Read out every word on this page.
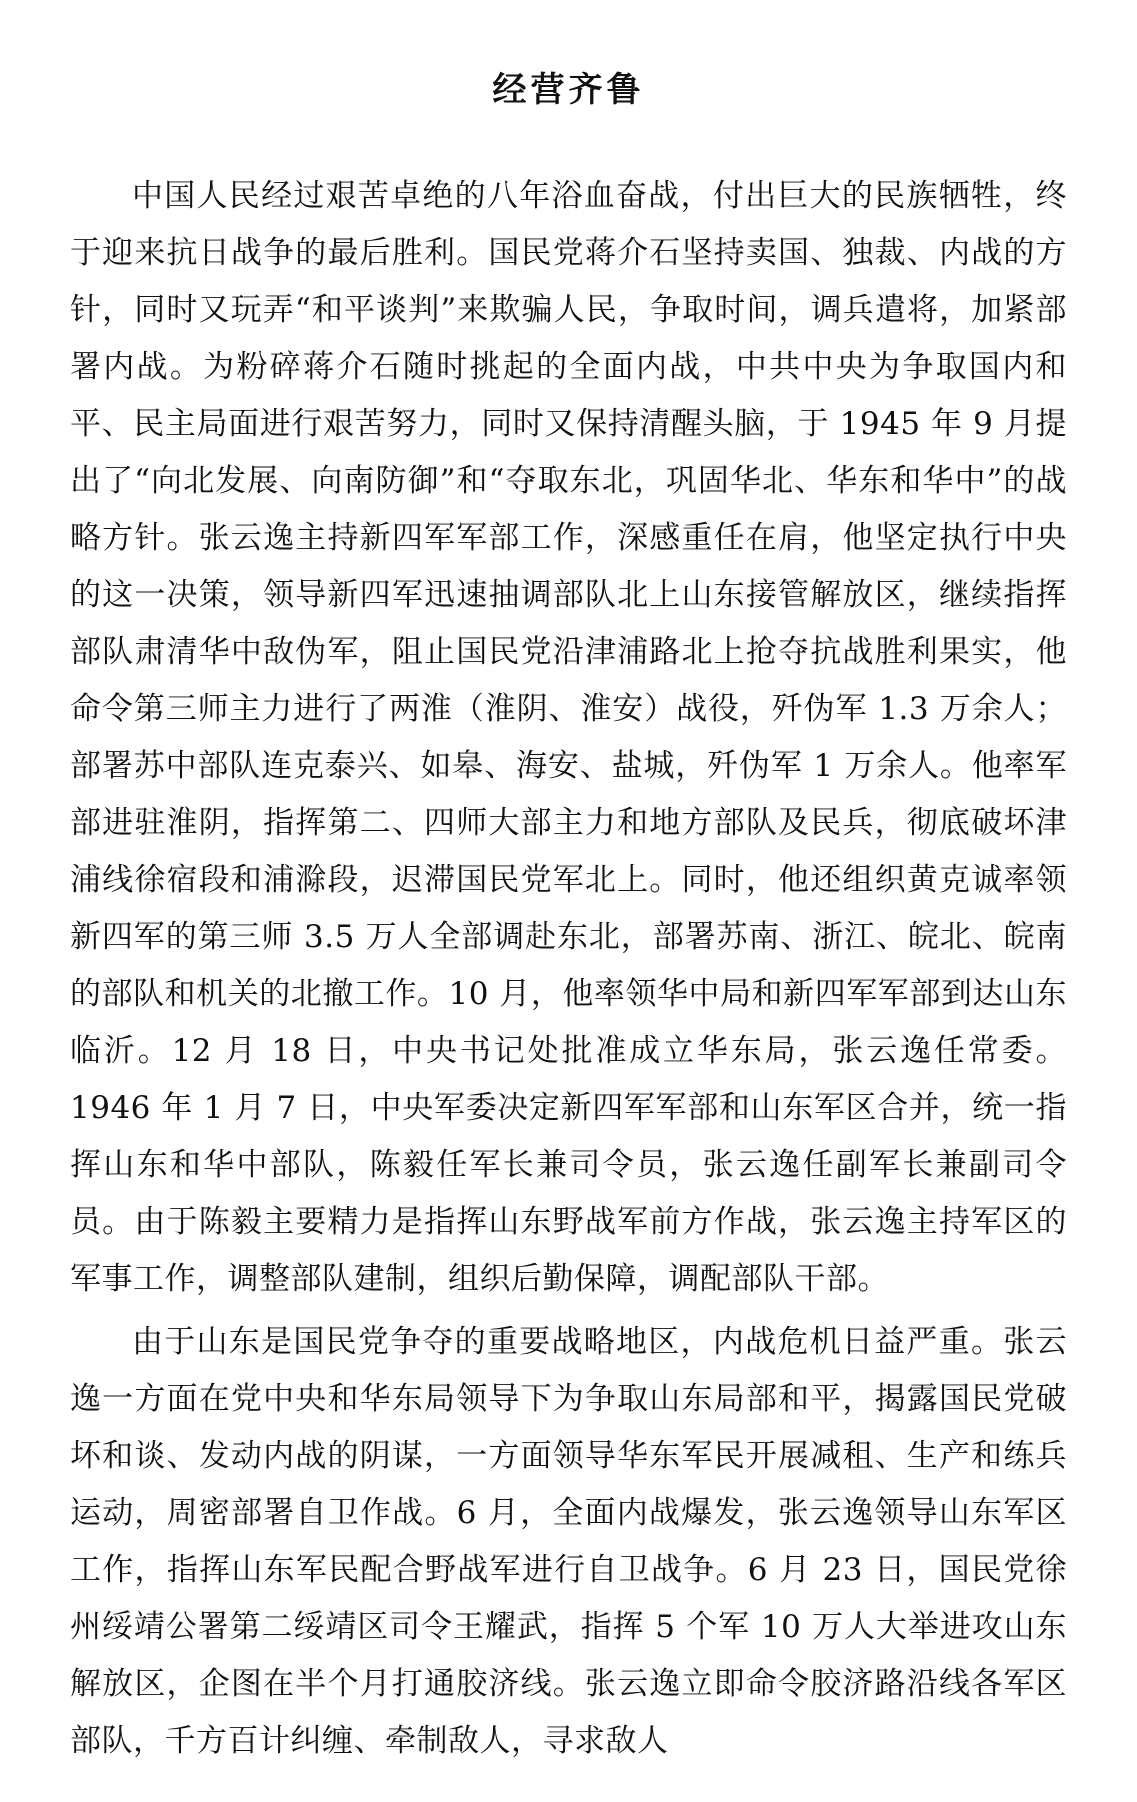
经营齐鲁

中国人民经过艰苦卓绝的八年浴血奋战，付出巨大的民族牺牲，终于迎来抗日战争的最后胜利。国民党蒋介石坚持卖国、独裁、内战的方针，同时又玩弄“和平谈判”来欺骗人民，争取时间，调兵遣将，加紧部署内战。为粉碎蒋介石随时挑起的全面内战，中共中央为争取国内和平、民主局面进行艰苦努力，同时又保持清醒头脑，于 1945 年 9 月提出了“向北发展、向南防御”和“夺取东北，巩固华北、华东和华中”的战略方针。张云逸主持新四军军部工作，深感重任在肩，他坚定执行中央的这一决策，领导新四军迅速抽调部队北上山东接管解放区，继续指挥部队肃清华中敌伪军，阻止国民党沿津浦路北上抢夺抗战胜利果实，他命令第三师主力进行了两淮（淮阴、淮安）战役，歼伪军 1.3 万余人；部署苏中部队连克泰兴、如皋、海安、盐城，歼伪军 1 万余人。他率军部进驻淮阴，指挥第二、四师大部主力和地方部队及民兵，彻底破坏津浦线徐宿段和浦滁段，迟滞国民党军北上。同时，他还组织黄克诚率领新四军的第三师 3.5 万人全部调赴东北，部署苏南、浙江、皖北、皖南的部队和机关的北撤工作。10 月，他率领华中局和新四军军部到达山东临沂。12 月 18 日，中央书记处批准成立华东局，张云逸任常委。1946 年 1 月 7 日，中央军委决定新四军军部和山东军区合并，统一指挥山东和华中部队，陈毅任军长兼司令员，张云逸任副军长兼副司令员。由于陈毅主要精力是指挥山东野战军前方作战，张云逸主持军区的军事工作，调整部队建制，组织后勤保障，调配部队干部。

由于山东是国民党争夺的重要战略地区，内战危机日益严重。张云逸一方面在党中央和华东局领导下为争取山东局部和平，揭露国民党破坏和谈、发动内战的阴谋，一方面领导华东军民开展减租、生产和练兵运动，周密部署自卫作战。6 月，全面内战爆发，张云逸领导山东军区工作，指挥山东军民配合野战军进行自卫战争。6 月 23 日，国民党徐州绥靖公署第二绥靖区司令王耀武，指挥 5 个军 10 万人大举进攻山东解放区，企图在半个月打通胶济线。张云逸立即命令胶济路沿线各军区部队，千方百计纠缠、牵制敌人，寻求敌人
